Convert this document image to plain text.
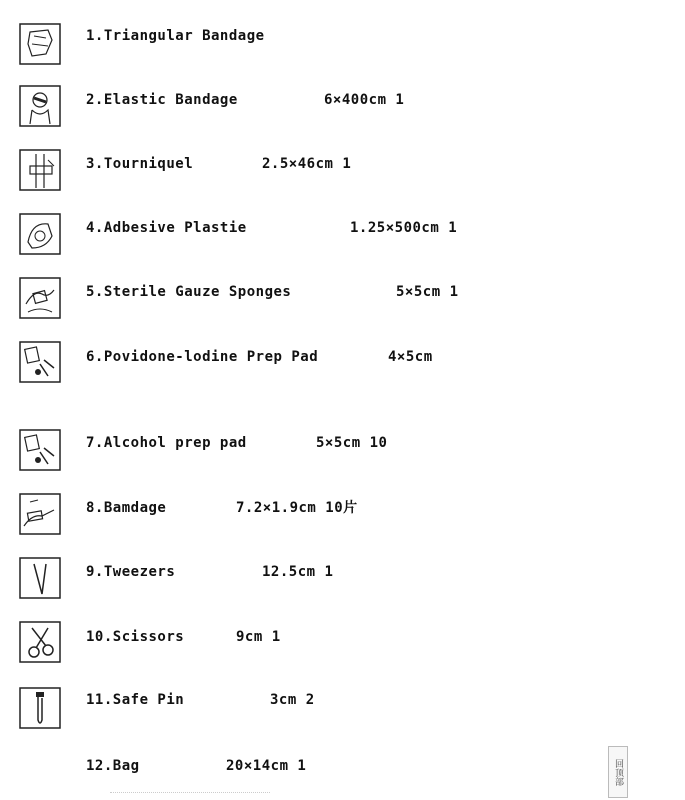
1.Triangular Bandage
2.Elastic Bandage	6×400cm 1
3.Tourniquel	2.5×46cm 1
4.Adbesive Plastie	1.25×500cm 1
5.Sterile Gauze Sponges	5×5cm 1
6.Povidone-lodine Prep Pad	4×5cm
7.Alcohol prep pad	5×5cm 10
8.Bamdage	7.2×1.9cm 10片
9.Tweezers	12.5cm 1
10.Scissors	9cm 1
11.Safe Pin	3cm 2
12.Bag	20×14cm 1	回顶部
